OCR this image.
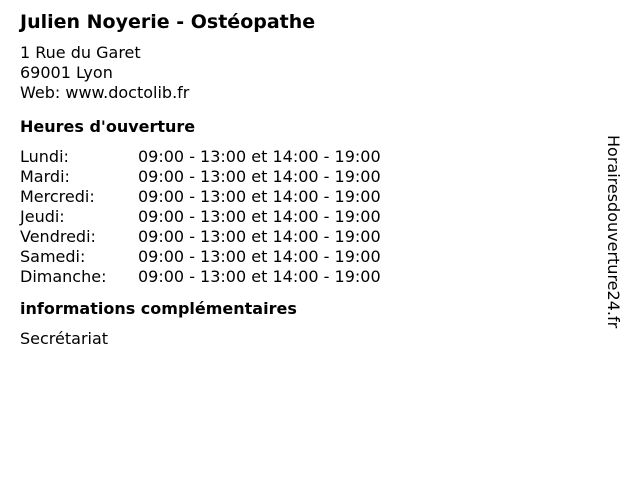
Julien Noyerie - Ostéopathe
1 Rue du Garet
69001 Lyon
Web: www.doctolib.fr
Heures d'ouverture
Lundi:	09:00 - 13:00 et 14:00 - 19:00
Mardi:	09:00 - 13:00 et 14:00 - 19:00
Mercredi:	09:00 - 13:00 et 14:00 - 19:00
Jeudi:	09:00 - 13:00 et 14:00 - 19:00
Vendredi:	09:00 - 13:00 et 14:00 - 19:00
Samedi:	09:00 - 13:00 et 14:00 - 19:00
Dimanche:	09:00 - 13:00 et 14:00 - 19:00
informations complémentaires
Secrétariat
Horairesdouverture24.fr
